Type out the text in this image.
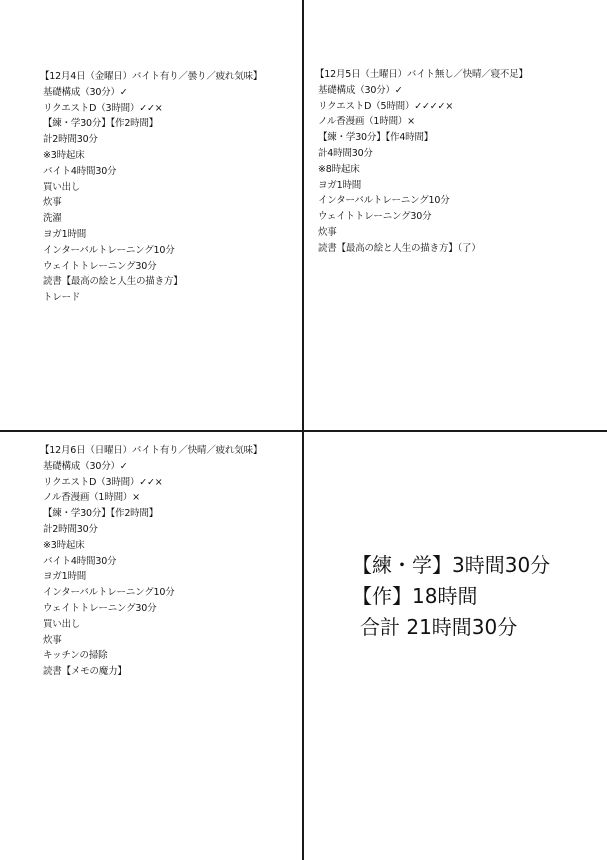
【12月4日（金曜日）バイト有り／曇り／疲れ気味】
基礎構成（30分）✓
リクエストD（3時間）✓✓×
【練・学30分】【作2時間】
計2時間30分
※3時起床
バイト4時間30分
買い出し
炊事
洗濯
ヨガ1時間
インターバルトレーニング10分
ウェイトトレーニング30分
読書【最高の絵と人生の描き方】
トレード
【12月5日（土曜日）バイト無し／快晴／寝不足】
基礎構成（30分）✓
リクエストD（5時間）✓✓✓✓×
ノル香漫画（1時間）×
【練・学30分】【作4時間】
計4時間30分
※8時起床
ヨガ1時間
インターバルトレーニング10分
ウェイトトレーニング30分
炊事
読書【最高の絵と人生の描き方】（了）
【12月6日（日曜日）バイト有り／快晴／疲れ気味】
基礎構成（30分）✓
リクエストD（3時間）✓✓×
ノル香漫画（1時間）×
【練・学30分】【作2時間】
計2時間30分
※3時起床
バイト4時間30分
ヨガ1時間
インターバルトレーニング10分
ウェイトトレーニング30分
買い出し
炊事
キッチンの掃除
読書【メモの魔力】
【練・学】3時間30分
【作】18時間
合計 21時間30分
